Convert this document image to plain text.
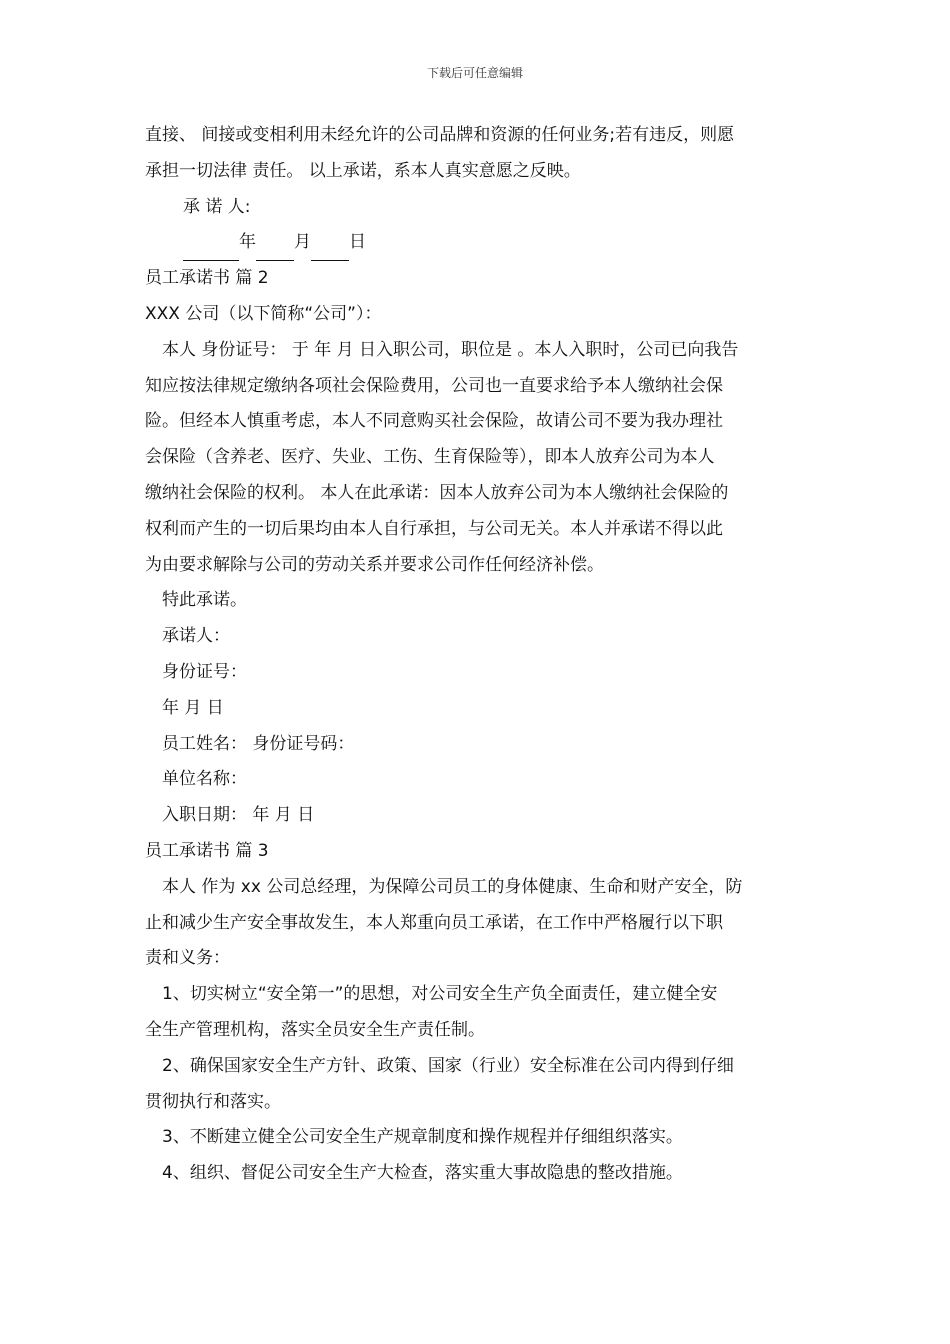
下载后可任意编辑

直接、 间接或变相利用未经允许的公司品牌和资源的任何业务;若有违反，则愿

承担一切法律 责任。 以上承诺，系本人真实意愿之反映。

承 诺 人:

年 月 日

员工承诺书 篇 2

XXX 公司（以下简称“公司”）：

本人 身份证号： 于 年 月 日入职公司，职位是 。本人入职时，公司已向我告

知应按法律规定缴纳各项社会保险费用，公司也一直要求给予本人缴纳社会保

险。但经本人慎重考虑，本人不同意购买社会保险，故请公司不要为我办理社

会保险（含养老、医疗、失业、工伤、生育保险等），即本人放弃公司为本人

缴纳社会保险的权利。 本人在此承诺：因本人放弃公司为本人缴纳社会保险的

权利而产生的一切后果均由本人自行承担，与公司无关。本人并承诺不得以此

为由要求解除与公司的劳动关系并要求公司作任何经济补偿。

特此承诺。

承诺人：

身份证号：

年 月 日

员工姓名： 身份证号码：

单位名称：

入职日期： 年 月 日

员工承诺书 篇 3

本人 作为 xx 公司总经理，为保障公司员工的身体健康、生命和财产安全，防

止和减少生产安全事故发生，本人郑重向员工承诺，在工作中严格履行以下职

责和义务：

1、切实树立“安全第一”的思想，对公司安全生产负全面责任，建立健全安

全生产管理机构，落实全员安全生产责任制。

2、确保国家安全生产方针、政策、国家（行业）安全标准在公司内得到仔细

贯彻执行和落实。

3、不断建立健全公司安全生产规章制度和操作规程并仔细组织落实。

4、组织、督促公司安全生产大检查，落实重大事故隐患的整改措施。
